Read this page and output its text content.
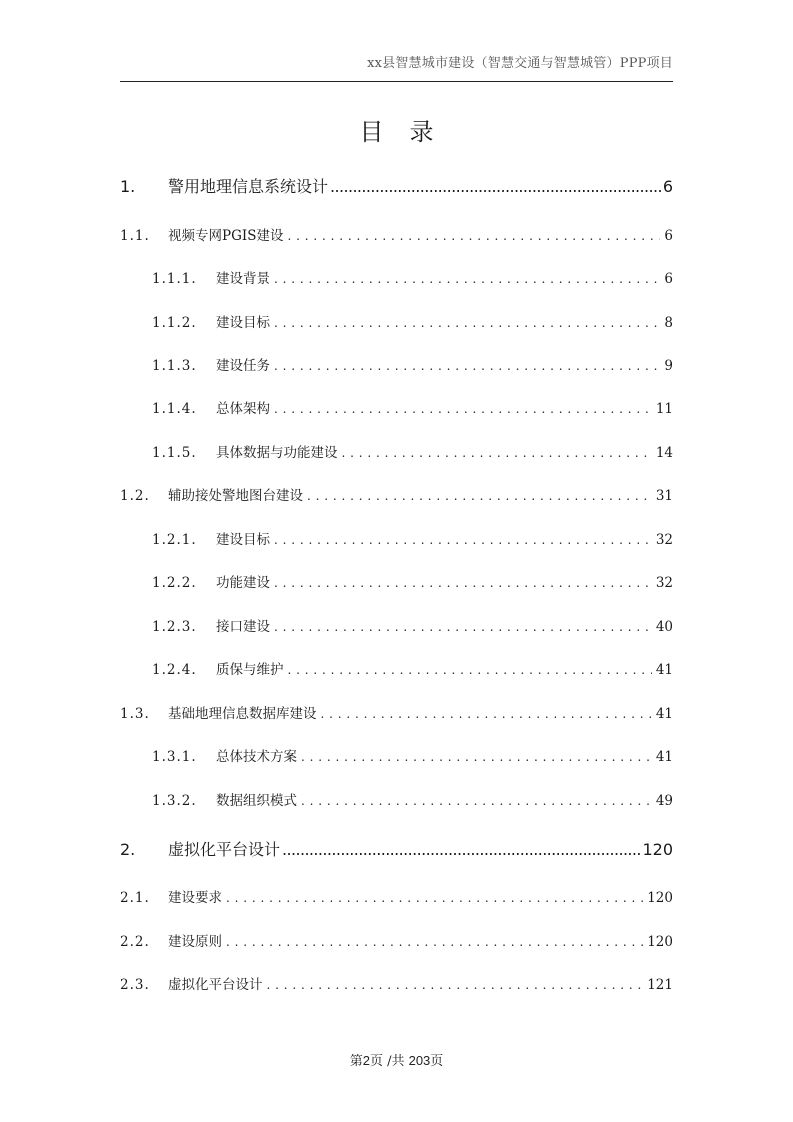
xx县智慧城市建设（智慧交通与智慧城管）PPP项目
目录
1.	警用地理信息系统设计 .....	6
1.1.	视频专网PGIS建设 . . .	6
1.1.1.	建设背景 . . .	6
1.1.2.	建设目标 . . .	8
1.1.3.	建设任务 . . .	9
1.1.4.	总体架构 . . .	11
1.1.5.	具体数据与功能建设 . . .	14
1.2.	辅助接处警地图台建设 . . .	31
1.2.1.	建设目标 . . .	32
1.2.2.	功能建设 . . .	32
1.2.3.	接口建设 . . .	40
1.2.4.	质保与维护 . . .	41
1.3.	基础地理信息数据库建设 . . .	41
1.3.1.	总体技术方案 . . .	41
1.3.2.	数据组织模式 . . .	49
2.	虚拟化平台设计 .....	120
2.1.	建设要求 . . .	120
2.2.	建设原则 . . .	120
2.3.	虚拟化平台设计 . . .	121
第2页 /共 203页
